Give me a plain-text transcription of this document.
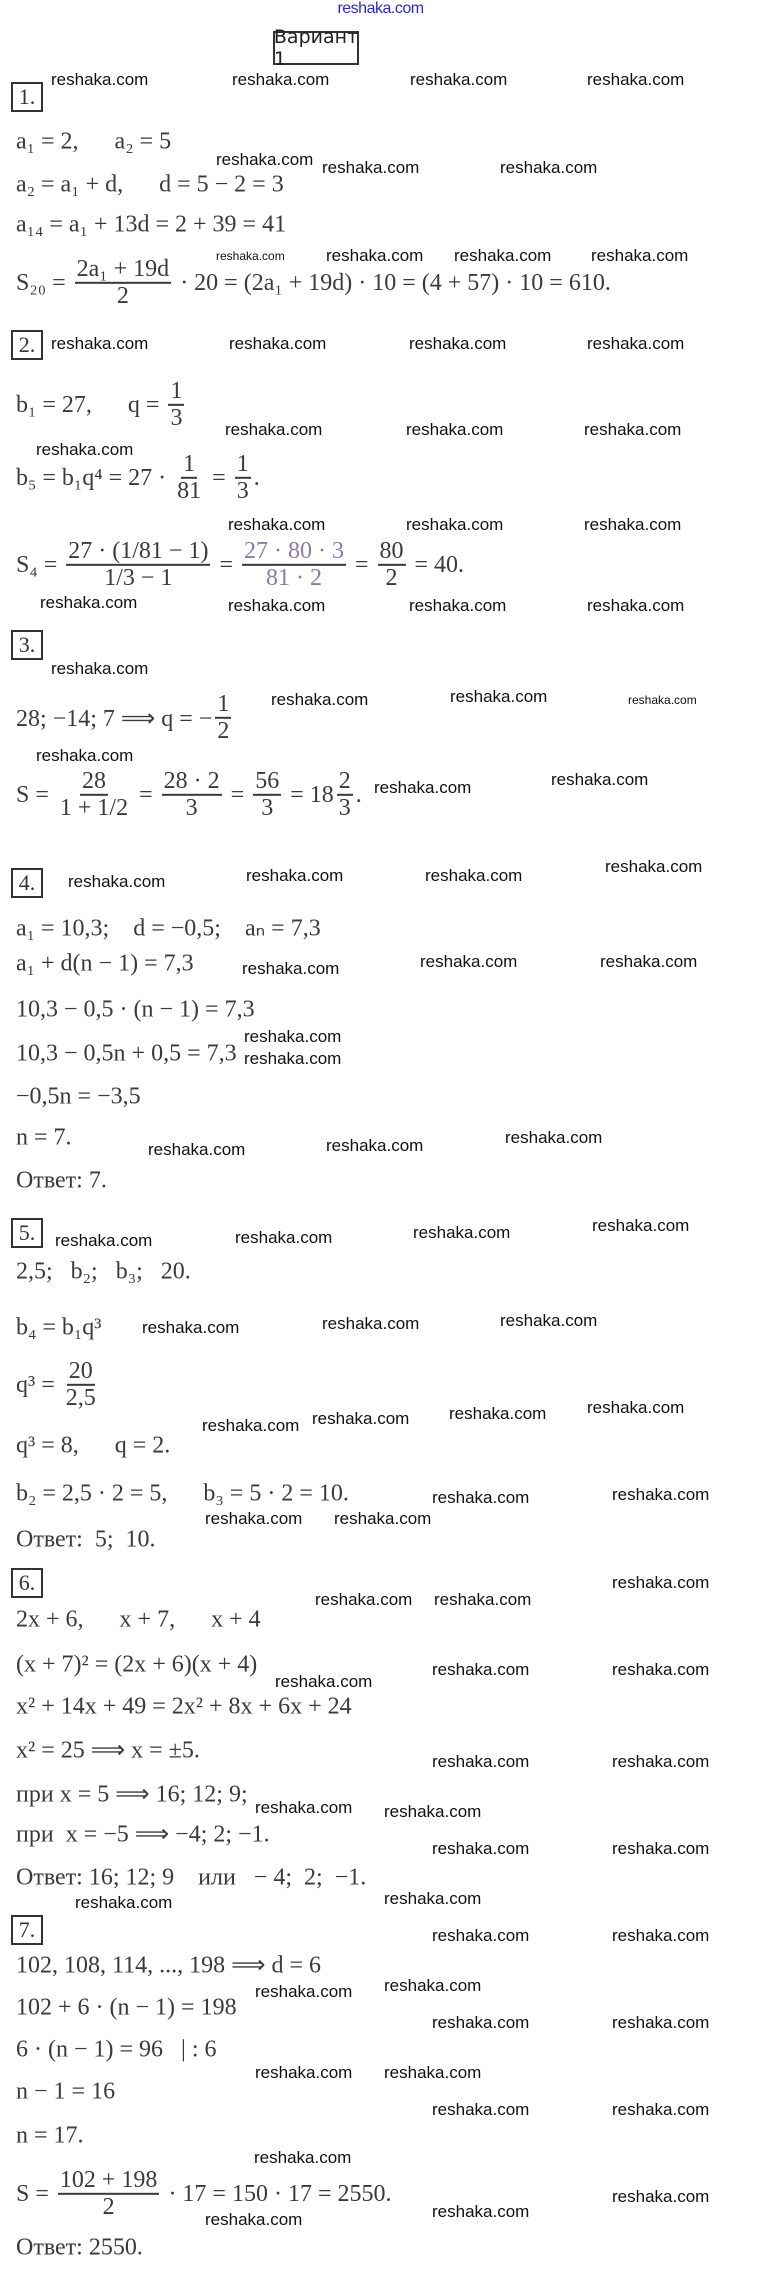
reshaka.com
Вариант 1
1.
a₁ = 2,      a₂ = 5
a₂ = a₁ + d,      d = 5 − 2 = 3
a₁₄ = a₁ + 13d = 2 + 39 = 41
$S_{20} = \frac{\text{2a₁ + 19d}}{2} \cdot 20 = (2a_1 + 19d) \cdot 10 = (4 + 57) \cdot 10 = 610$.
2.
b₁ = 27,      $q = \frac{1}{3}$
$b_5 = b_1q^4 = 27 \cdot \frac{1}{81} = \frac{1}{3}$ .
$S_4 = \frac{27 \cdot (1/81 - 1)}{1/3 - 1} = \frac{27 \cdot 80 \cdot 3}{81 \cdot 2} = \frac{80}{2} = 40$.
3.
28; −14; 7 ⟹ q = − $\frac{1}{2}$
$S = \frac{28}{1 + 1/2} = \frac{28 \cdot 2}{3} = \frac{56}{3} = 18 \frac{2}{3}$ .
4.
a₁ = 10,3;    d = −0,5;    aₙ = 7,3
a₁ + d(n − 1) = 7,3
10,3 − 0,5 · (n − 1) = 7,3
10,3 − 0,5n + 0,5 = 7,3
−0,5n = −3,5
n = 7.
Ответ: 7.
5.
2,5;   b₂;   b₃;   20.
b₄ = b₁q³
$q^3 = \frac{20}{2,5}$
q³ = 8,      q = 2.
b₂ = 2,5 · 2 = 5,      b₃ = 5 · 2 = 10.
Ответ:  5;  10.
6.
2x + 6,      x + 7,      x + 4
(x + 7)² = (2x + 6)(x + 4)
x² + 14x + 49 = 2x² + 8x + 6x + 24
x² = 25 ⟹ x = ±5.
при x = 5 ⟹ 16; 12; 9;
при  x = −5 ⟹ −4; 2; −1.
Ответ: 16; 12; 9    или   − 4;  2;  −1.
7.
102, 108, 114, ..., 198 ⟹ d = 6
102 + 6 · (n − 1) = 198
6 · (n − 1) = 96   | : 6
n − 1 = 16
n = 17.
$S = \frac{102 + 198}{2} \cdot 17 = 150 \cdot 17 = 2550$.
Ответ: 2550.
reshaka.com	reshaka.com	reshaka.com	reshaka.com
reshaka.com reshaka.com	reshaka.com
reshaka.com reshaka.com reshaka.com reshaka.com
reshaka.com	reshaka.com	reshaka.com	reshaka.com
reshaka.com	reshaka.com	reshaka.com
reshaka.com
reshaka.com	reshaka.com	reshaka.com
reshaka.com	reshaka.com	reshaka.com	reshaka.com
reshaka.com
reshaka.com	reshaka.com	reshaka.com
reshaka.com
reshaka.com	reshaka.com
reshaka.com	reshaka.com	reshaka.com	reshaka.com
reshaka.com	reshaka.com	reshaka.com
reshaka.com
reshaka.com
reshaka.com	reshaka.com	reshaka.com
reshaka.com	reshaka.com	reshaka.com	reshaka.com
reshaka.com	reshaka.com	reshaka.com
reshaka.com reshaka.com reshaka.com reshaka.com
reshaka.com	reshaka.com
reshaka.com reshaka.com
reshaka.com reshaka.com
reshaka.com
reshaka.com	reshaka.com
reshaka.com
reshaka.com	reshaka.com
reshaka.com reshaka.com
reshaka.com	reshaka.com
reshaka.com	reshaka.com
reshaka.com	reshaka.com
reshaka.com reshaka.com
reshaka.com	reshaka.com
reshaka.com reshaka.com
reshaka.com	reshaka.com
reshaka.com
reshaka.com	reshaka.com
reshaka.com
